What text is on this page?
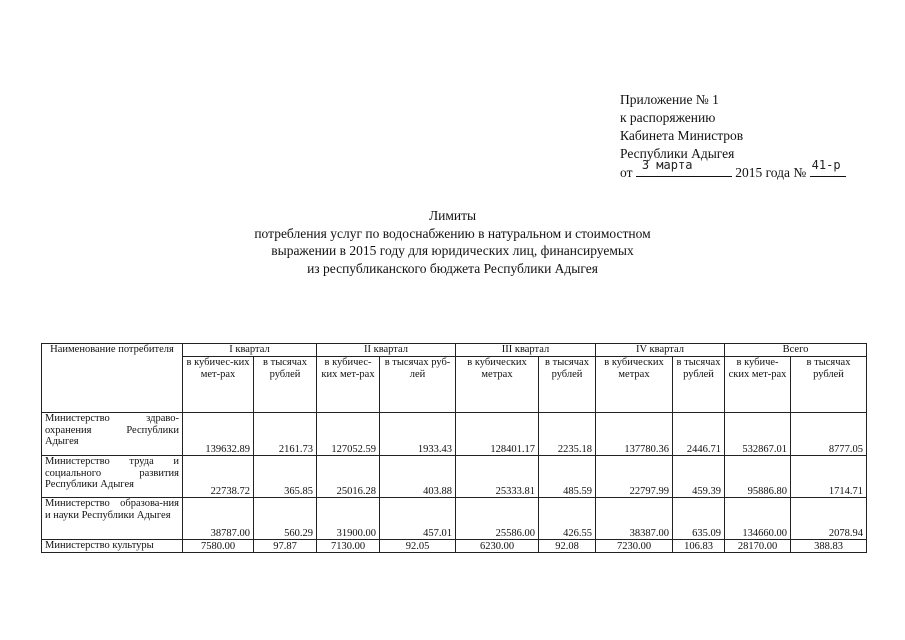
Приложение № 1
к распоряжению
Кабинета Министров
Республики Адыгея
от 3 марта	2015 года № 41-р
Лимиты
потребления услуг по водоснабжению в натуральном и стоимостном
выражении в 2015 году для юридических лиц, финансируемых
из республиканского бюджета Республики Адыгея
Наименование потребителя	I квартал		II квартал		III квартал		IV квартал		Всего	
	в кубичес-ких мет-рах	в тысячах рублей	в кубичес-ких мет-рах	в тысячах руб-лей	в кубических метрах	в тысячах рублей	в кубических метрах	в тысячах рублей	в кубиче-ских мет-рах	в тысячах рублей
Министерство здраво-охранения Республики Адыгея	139632.89	2161.73	127052.59	1933.43	128401.17	2235.18	137780.36	2446.71	532867.01	8777.05
Министерство труда и социального развития Республики Адыгея	22738.72	365.85	25016.28	403.88	25333.81	485.59	22797.99	459.39	95886.80	1714.71
Министерство образова-ния и науки Республики Адыгея	38787.00	560.29	31900.00	457.01	25586.00	426.55	38387.00	635.09	134660.00	2078.94
Министерство культуры	7580.00	97.87	7130.00	92.05	6230.00	92.08	7230.00	106.83	28170.00	388.83
